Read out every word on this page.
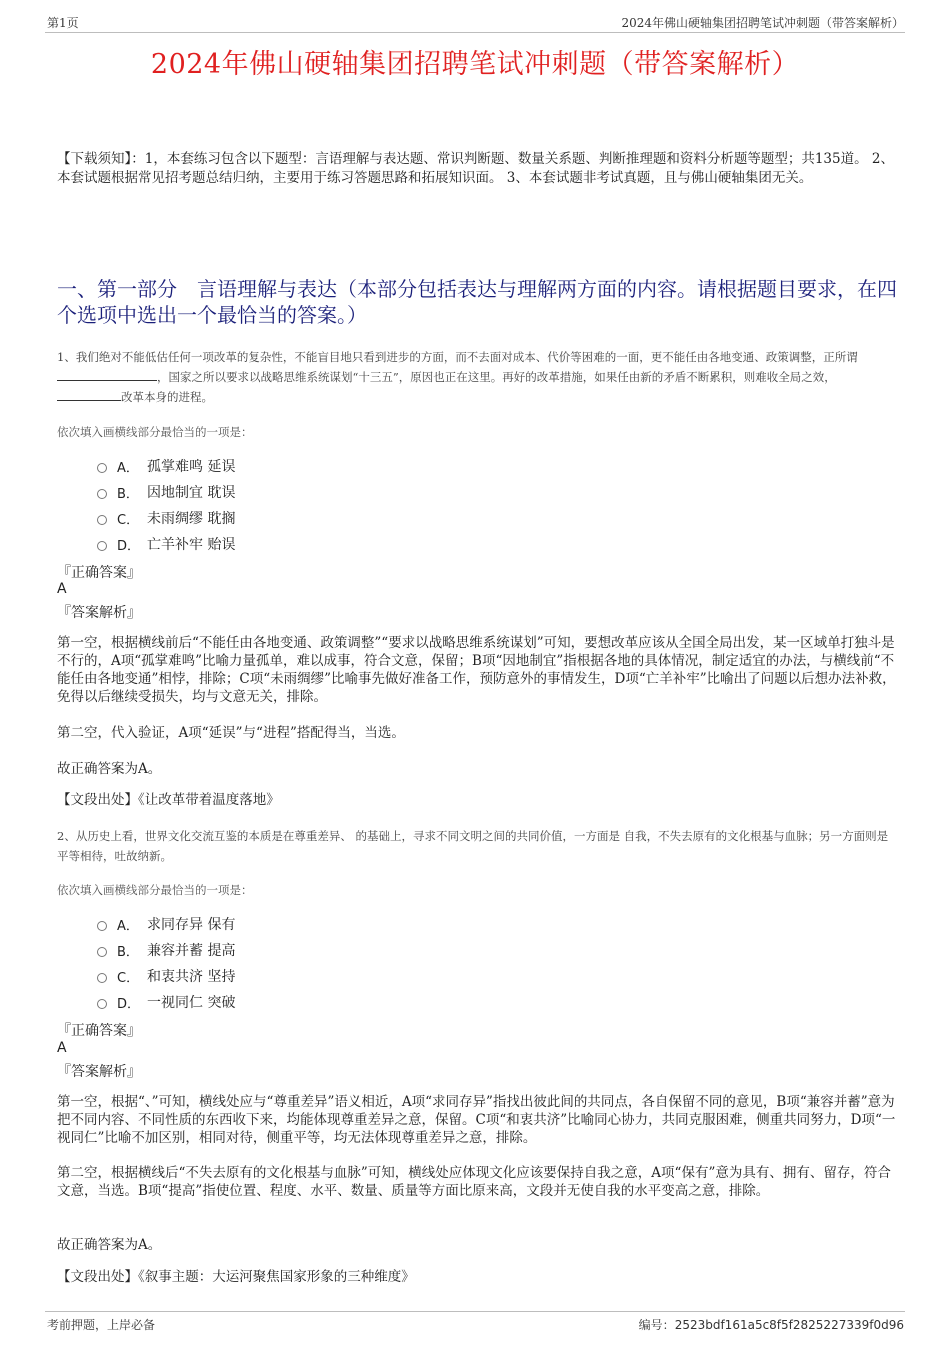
第1页	2024年佛山硬轴集团招聘笔试冲刺题（带答案解析）
2024年佛山硬轴集团招聘笔试冲刺题（带答案解析）
【下载须知】：1，本套练习包含以下题型：言语理解与表达题、常识判断题、数量关系题、判断推理题和资料分析题等题型；共135道。 2、本套试题根据常见招考题总结归纳，主要用于练习答题思路和拓展知识面。 3、本套试题非考试真题，且与佛山硬轴集团无关。
一、第一部分　言语理解与表达（本部分包括表达与理解两方面的内容。请根据题目要求，在四个选项中选出一个最恰当的答案。）
1、我们绝对不能低估任何一项改革的复杂性，不能盲目地只看到进步的方面，而不去面对成本、代价等困难的一面，更不能任由各地变通、政策调整，正所谓，国家之所以要求以战略思维系统谋划“十三五”，原因也正在这里。再好的改革措施，如果任由新的矛盾不断累积，则难收全局之效，改革本身的进程。
依次填入画横线部分最恰当的一项是：
A． 孤掌难鸣 延误
B． 因地制宜 耽误
C． 未雨绸缪 耽搁
D． 亡羊补牢 贻误
『正确答案』
A
『答案解析』
第一空，根据横线前后“不能任由各地变通、政策调整”“要求以战略思维系统谋划”可知，要想改革应该从全国全局出发，某一区域单打独斗是不行的，A项“孤掌难鸣”比喻力量孤单，难以成事，符合文意，保留；B项“因地制宜”指根据各地的具体情况，制定适宜的办法，与横线前“不能任由各地变通”相悖，排除；C项“未雨绸缪”比喻事先做好准备工作，预防意外的事情发生，D项“亡羊补牢”比喻出了问题以后想办法补救，免得以后继续受损失，均与文意无关，排除。
第二空，代入验证，A项“延误”与“进程”搭配得当，当选。
故正确答案为A。
【文段出处】《让改革带着温度落地》
2、从历史上看，世界文化交流互鉴的本质是在尊重差异、 的基础上，寻求不同文明之间的共同价值，一方面是 自我，不失去原有的文化根基与血脉；另一方面则是平等相待，吐故纳新。
依次填入画横线部分最恰当的一项是：
A． 求同存异 保有
B． 兼容并蓄 提高
C． 和衷共济 坚持
D． 一视同仁 突破
『正确答案』
A
『答案解析』
第一空，根据“、”可知，横线处应与“尊重差异”语义相近，A项“求同存异”指找出彼此间的共同点，各自保留不同的意见，B项“兼容并蓄”意为把不同内容、不同性质的东西收下来，均能体现尊重差异之意，保留。C项“和衷共济”比喻同心协力，共同克服困难，侧重共同努力，D项“一视同仁”比喻不加区别，相同对待，侧重平等，均无法体现尊重差异之意，排除。
第二空，根据横线后“不失去原有的文化根基与血脉”可知，横线处应体现文化应该要保持自我之意，A项“保有”意为具有、拥有、留存，符合文意，当选。B项“提高”指使位置、程度、水平、数量、质量等方面比原来高，文段并无使自我的水平变高之意，排除。
故正确答案为A。
【文段出处】《叙事主题：大运河聚焦国家形象的三种维度》
考前押题，上岸必备	编号：2523bdf161a5c8f5f2825227339f0d96
